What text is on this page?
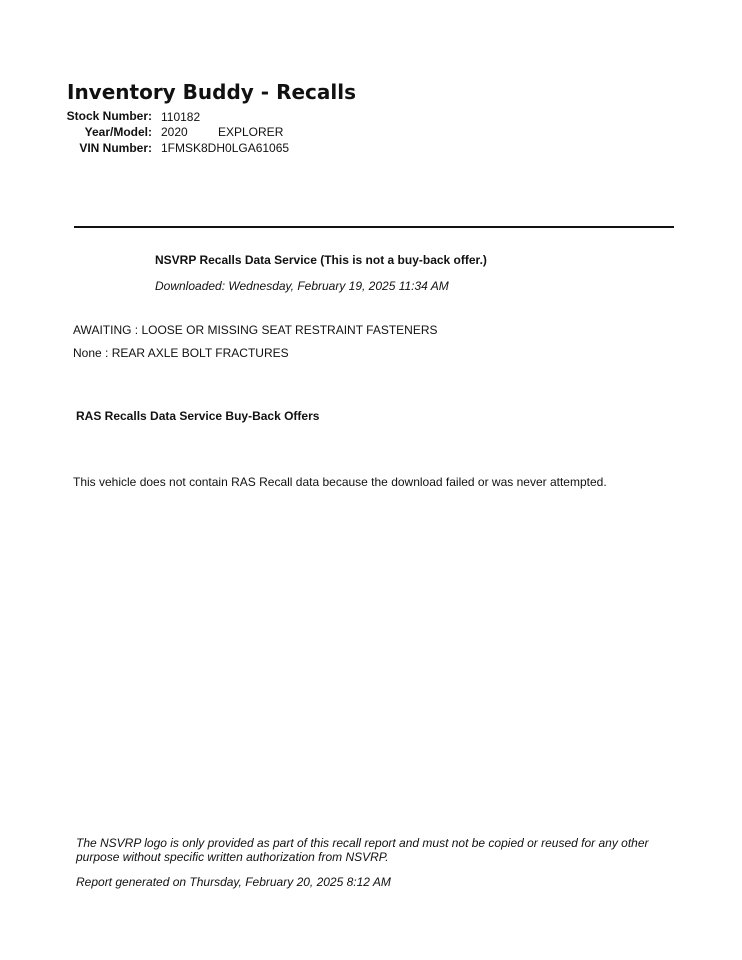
Inventory Buddy - Recalls
Stock Number: 110182
Year/Model: 2020	EXPLORER
VIN Number: 1FMSK8DH0LGA61065
NSVRP Recalls Data Service (This is not a buy-back offer.)
Downloaded: Wednesday, February 19, 2025 11:34 AM
AWAITING : LOOSE OR MISSING SEAT RESTRAINT FASTENERS
None : REAR AXLE BOLT FRACTURES
RAS Recalls Data Service Buy-Back Offers
This vehicle does not contain RAS Recall data because the download failed or was never attempted.
The NSVRP logo is only provided as part of this recall report and must not be copied or reused for any other purpose without specific written authorization from NSVRP.
Report generated on Thursday, February 20, 2025 8:12 AM
